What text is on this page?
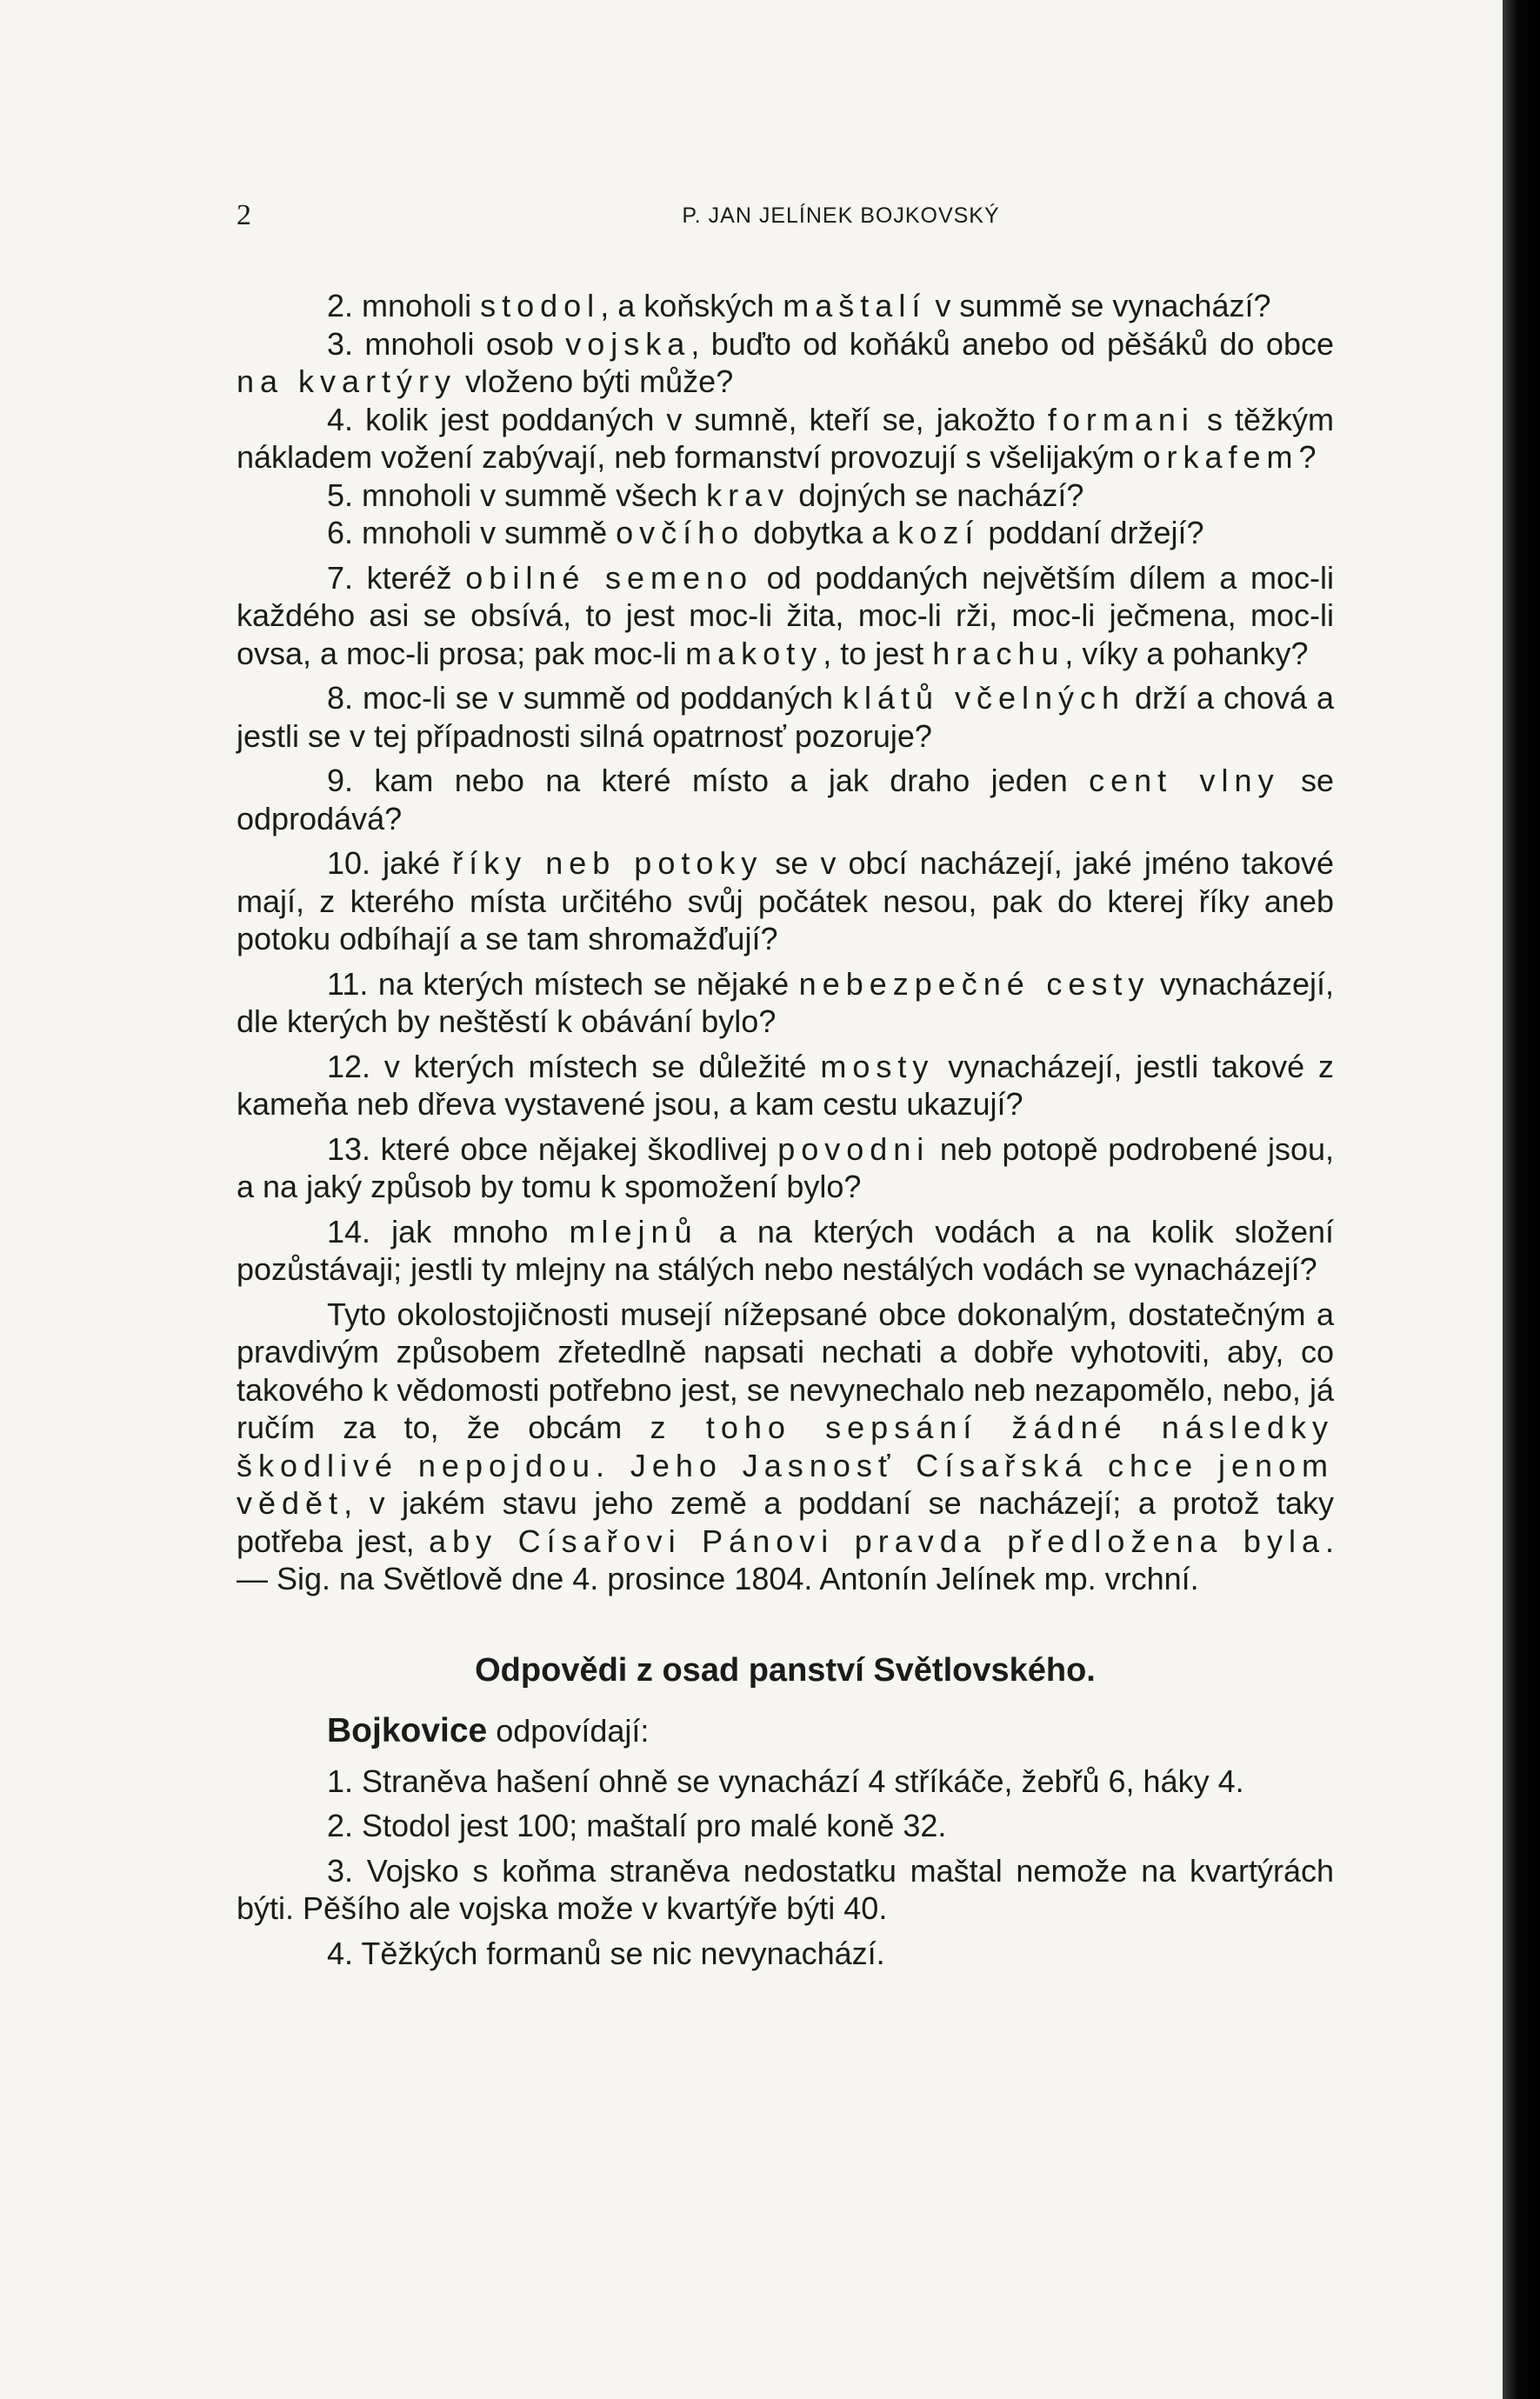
2	P. JAN JELÍNEK BOJKOVSKÝ

2. mnoholi stodol, a koňských maštalí v summě se vynachází?

3. mnoholi osob vojska, buďto od koňáků anebo od pěšáků do obce na kvartýry vloženo býti může?

4. kolik jest poddaných v sumně, kteří se, jakožto formani s těžkým nákladem vožení zabývají, neb formanství provozují s všelijakým orkafem?

5. mnoholi v summě všech krav dojných se nachází?

6. mnoholi v summě ovčího dobytka a kozí poddaní držejí?

7. kteréž obilné semeno od poddaných největším dílem a moc-li každého asi se obsívá, to jest moc-li žita, moc-li rži, moc-li ječmena, moc-li ovsa, a moc-li prosa; pak moc-li makoty, to jest hrachu, víky a pohanky?

8. moc-li se v summě od poddaných klátů včelných drží a chová a jestli se v tej případnosti silná opatrnosť pozoruje?

9. kam nebo na které místo a jak draho jeden cent vlny se odprodává?

10. jaké říky neb potoky se v obcí nacházejí, jaké jméno takové mají, z kterého místa určitého svůj počátek nesou, pak do kterej říky aneb potoku odbíhají a se tam shromažďují?

11. na kterých místech se nějaké nebezpečné cesty vynacházejí, dle kterých by neštěstí k obávání bylo?

12. v kterých místech se důležité mosty vynacházejí, jestli takové z kameňa neb dřeva vystavené jsou, a kam cestu ukazují?

13. které obce nějakej škodlivej povodni neb potopě podrobené jsou, a na jaký způsob by tomu k spomožení bylo?

14. jak mnoho mlejnů a na kterých vodách a na kolik složení pozůstávaji; jestli ty mlejny na stálých nebo nestálých vodách se vynacházejí?

Tyto okolostojičnosti musejí nížepsané obce dokonalým, dostatečným a pravdivým způsobem zřetedlně napsati nechati a dobře vyhotoviti, aby, co takového k vědomosti potřebno jest, se nevynechalo neb nezapomělo, nebo, já ručím za to, že obcám z toho sepsání žádné následky škodlivé nepojdou. Jeho Jasnosť Císařská chce jenom vědět, v jakém stavu jeho země a poddaní se nacházejí; a protož taky potřeba jest, aby Císařovi Pánovi pravda předložena byla. — Sig. na Světlově dne 4. prosince 1804. Antonín Jelínek mp. vrchní.

Odpovědi z osad panství Světlovského.

Bojkovice odpovídají:

1. Straněva hašení ohně se vynachází 4 stříkáče, žebřů 6, háky 4.

2. Stodol jest 100; maštalí pro malé koně 32.

3. Vojsko s koňma straněva nedostatku maštal nemože na kvartýrách býti. Pěšího ale vojska može v kvartýře býti 40.

4. Těžkých formanů se nic nevynachází.
